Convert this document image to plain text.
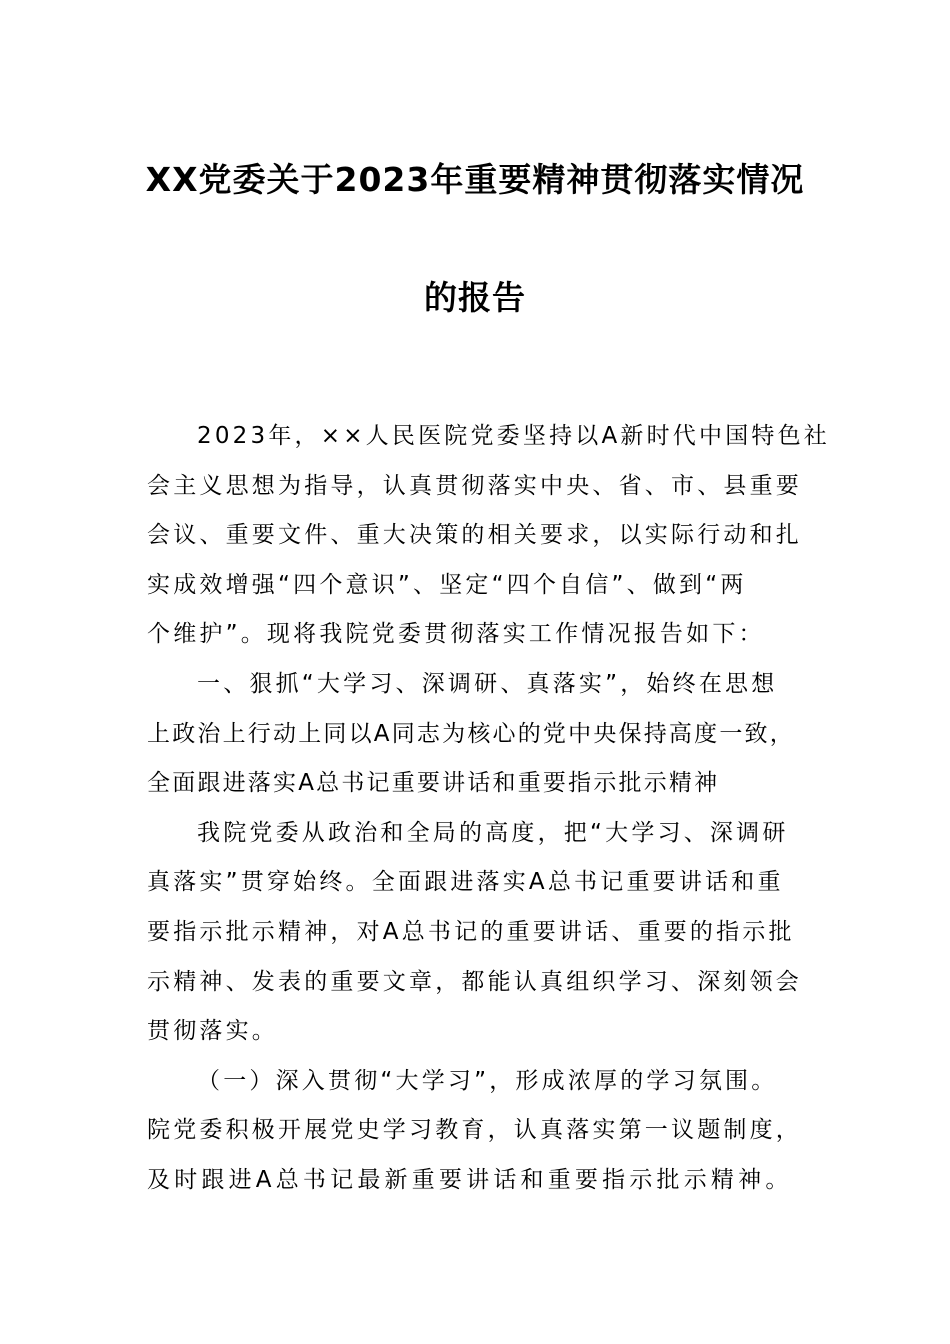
XX党委关于2023年重要精神贯彻落实情况
的报告
2023年，××人民医院党委坚持以A新时代中国特色社
会主义思想为指导，认真贯彻落实中央、省、市、县重要
会议、重要文件、重大决策的相关要求，以实际行动和扎
实成效增强“四个意识”、坚定“四个自信”、做到“两
个维护”。现将我院党委贯彻落实工作情况报告如下：
一、狠抓“大学习、深调研、真落实”，始终在思想
上政治上行动上同以A同志为核心的党中央保持高度一致，
全面跟进落实A总书记重要讲话和重要指示批示精神
我院党委从政治和全局的高度，把“大学习、深调研
真落实”贯穿始终。全面跟进落实A总书记重要讲话和重
要指示批示精神，对A总书记的重要讲话、重要的指示批
示精神、发表的重要文章，都能认真组织学习、深刻领会
贯彻落实。
（一）深入贯彻“大学习”，形成浓厚的学习氛围。
院党委积极开展党史学习教育，认真落实第一议题制度，
及时跟进A总书记最新重要讲话和重要指示批示精神。
